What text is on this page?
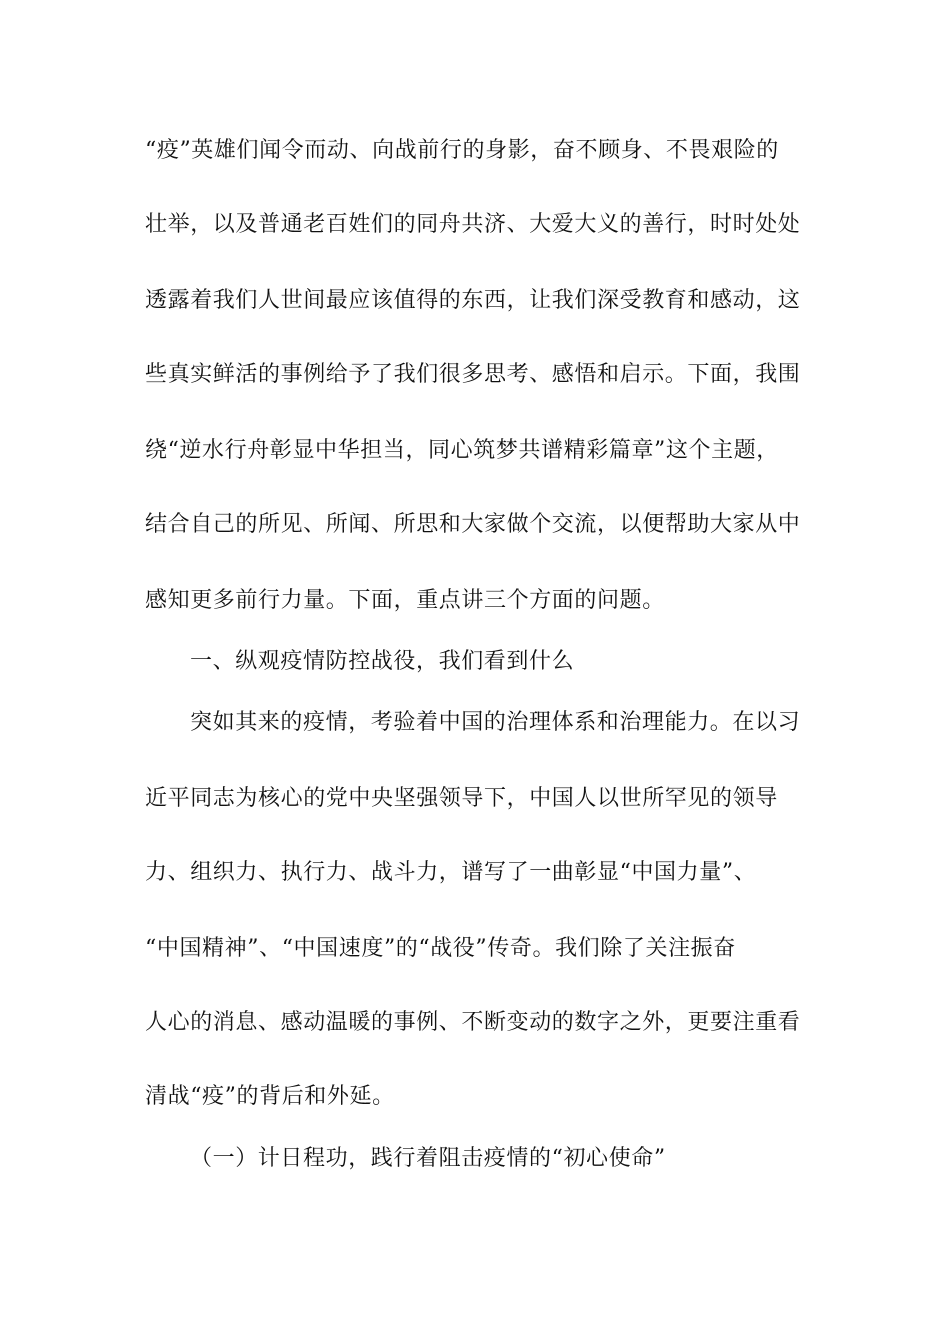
“疫”英雄们闻令而动、向战前行的身影，奋不顾身、不畏艰险的
壮举，以及普通老百姓们的同舟共济、大爱大义的善行，时时处处
透露着我们人世间最应该值得的东西，让我们深受教育和感动，这
些真实鲜活的事例给予了我们很多思考、感悟和启示。下面，我围
绕“逆水行舟彰显中华担当，同心筑梦共谱精彩篇章”这个主题，
结合自己的所见、所闻、所思和大家做个交流，以便帮助大家从中
感知更多前行力量。下面，重点讲三个方面的问题。
一、纵观疫情防控战役，我们看到什么
突如其来的疫情，考验着中国的治理体系和治理能力。在以习
近平同志为核心的党中央坚强领导下，中国人以世所罕见的领导
力、组织力、执行力、战斗力，谱写了一曲彰显“中国力量”、
“中国精神”、“中国速度”的“战役”传奇。我们除了关注振奋
人心的消息、感动温暖的事例、不断变动的数字之外，更要注重看
清战“疫”的背后和外延。
（一）计日程功，践行着阻击疫情的“初心使命”
